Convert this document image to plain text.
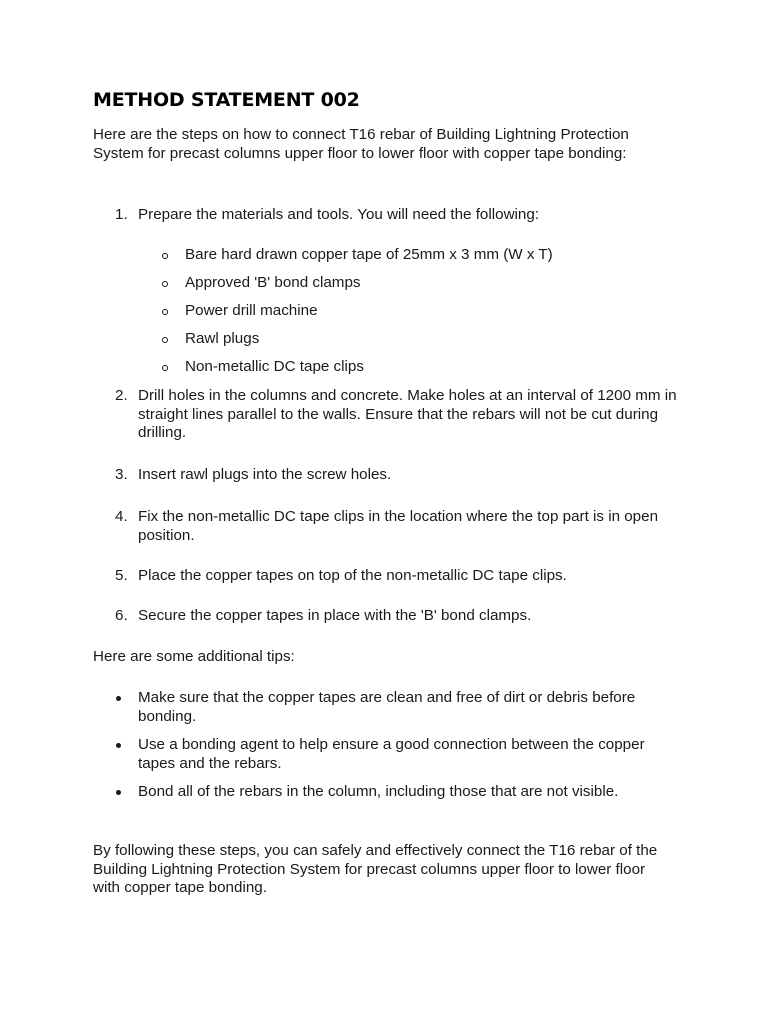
METHOD STATEMENT 002

Here are the steps on how to connect T16 rebar of Building Lightning Protection System for precast columns upper floor to lower floor with copper tape bonding:

1. Prepare the materials and tools. You will need the following:
Bare hard drawn copper tape of 25mm x 3 mm (W x T)
Approved 'B' bond clamps
Power drill machine
Rawl plugs
Non-metallic DC tape clips
2. Drill holes in the columns and concrete. Make holes at an interval of 1200 mm in straight lines parallel to the walls. Ensure that the rebars will not be cut during drilling.
3. Insert rawl plugs into the screw holes.
4. Fix the non-metallic DC tape clips in the location where the top part is in open position.
5. Place the copper tapes on top of the non-metallic DC tape clips.
6. Secure the copper tapes in place with the 'B' bond clamps.

Here are some additional tips:

Make sure that the copper tapes are clean and free of dirt or debris before bonding.
Use a bonding agent to help ensure a good connection between the copper tapes and the rebars.
Bond all of the rebars in the column, including those that are not visible.

By following these steps, you can safely and effectively connect the T16 rebar of the Building Lightning Protection System for precast columns upper floor to lower floor with copper tape bonding.
